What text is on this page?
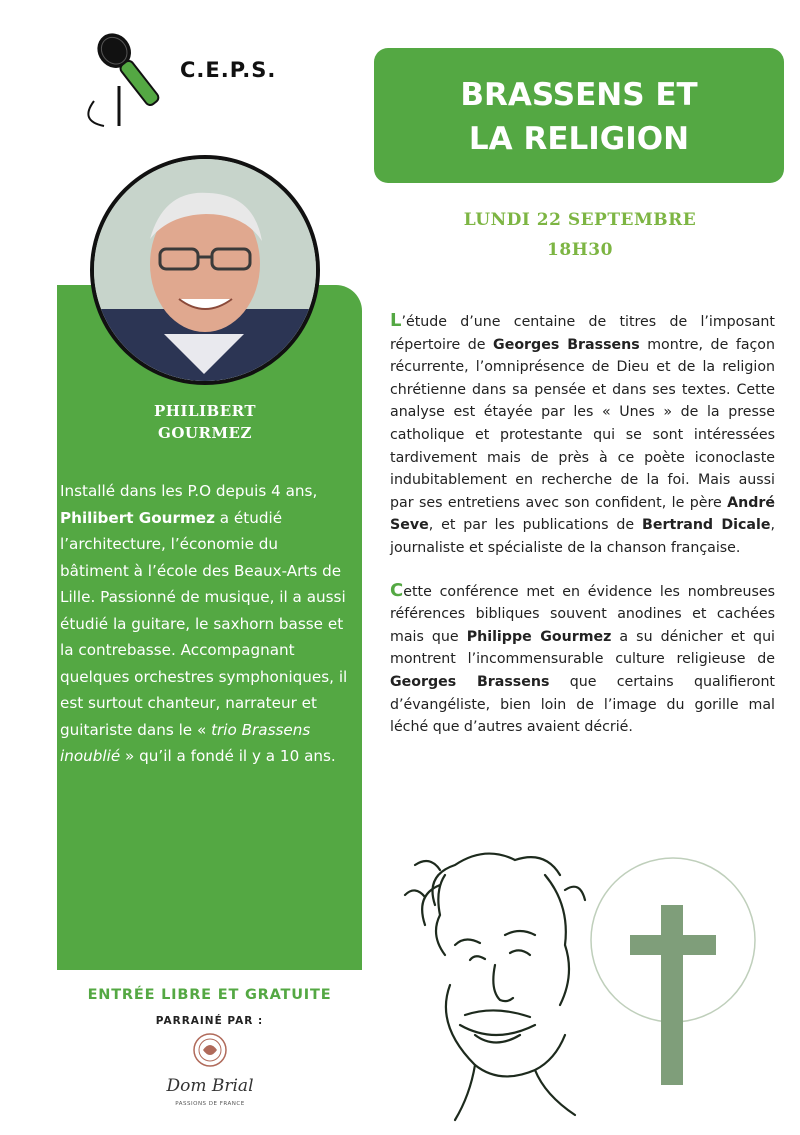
C.E.P.S.
BRASSENS ET
LA RELIGION
LUNDI 22 SEPTEMBRE
18H30
PHILIBERT
GOURMEZ
Installé dans les P.O depuis 4 ans, Philibert Gourmez a étudié l’architecture, l’économie du bâtiment à l’école des Beaux-Arts de Lille. Passionné de musique, il a aussi étudié la guitare, le saxhorn basse et la contrebasse. Accompagnant quelques orchestres symphoniques, il est surtout chanteur, narrateur et guitariste dans le « trio Brassens inoublié » qu’il a fondé il y a 10 ans.

L’étude d’une centaine de titres de l’imposant répertoire de Georges Brassens montre, de façon récurrente, l’omniprésence de Dieu et de la religion chrétienne dans sa pensée et dans ses textes. Cette analyse est étayée par les « Unes » de la presse catholique et protestante qui se sont intéressées tardivement mais de près à ce poète iconoclaste indubitablement en recherche de la foi. Mais aussi par ses entretiens avec son confident, le père André Seve, et par les publications de Bertrand Dicale, journaliste et spécialiste de la chanson française.

Cette conférence met en évidence les nombreuses références bibliques souvent anodines et cachées mais que Philippe Gourmez a su dénicher et qui montrent l’incommensurable culture religieuse de Georges Brassens que certains qualifieront d’évangéliste, bien loin de l’image du gorille mal léché que d’autres avaient décrié.

ENTRÉE LIBRE ET GRATUITE
PARRAINÉ PAR :
Dom Brial
PASSIONS DE FRANCE
